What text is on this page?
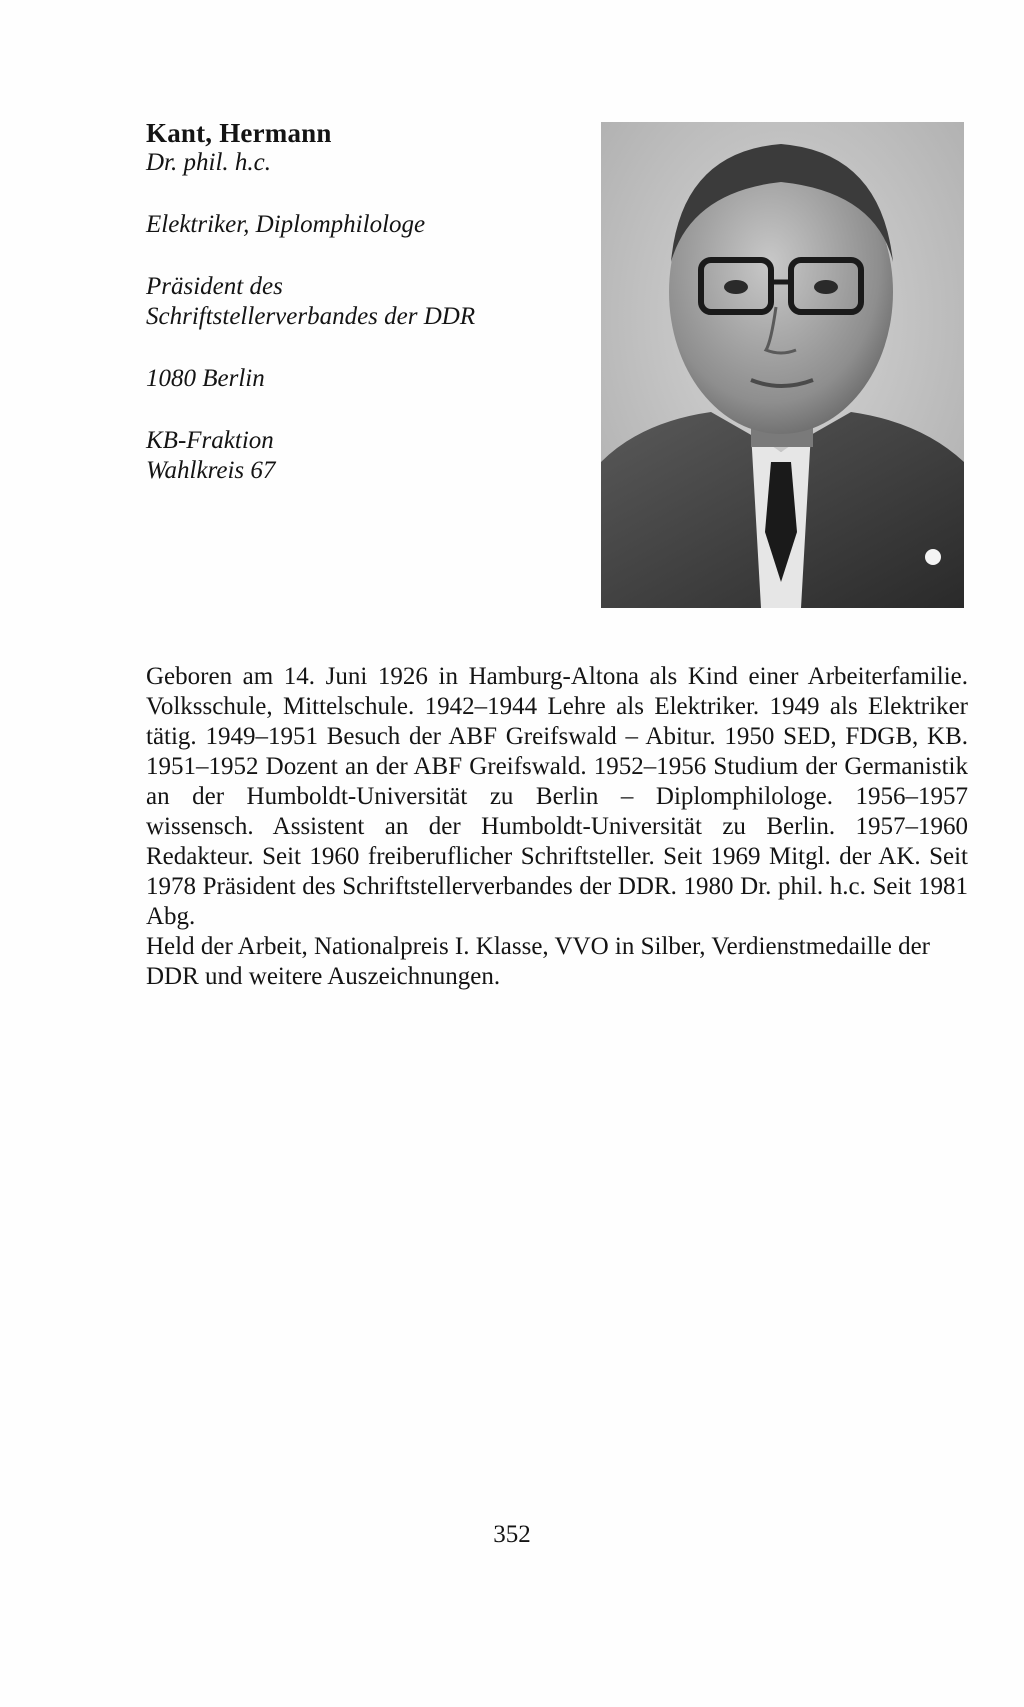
Kant, Hermann
Dr. phil. h.c.
Elektriker, Diplomphilologe
Präsident des
Schriftstellerverbandes der DDR
1080 Berlin
KB-Fraktion
Wahlkreis 67

Geboren am 14. Juni 1926 in Hamburg-Altona als Kind einer Arbeiterfamilie. Volksschule, Mittelschule. 1942–1944 Lehre als Elektriker. 1949 als Elektriker tätig. 1949–1951 Besuch der ABF Greifswald – Abitur. 1950 SED, FDGB, KB. 1951–1952 Dozent an der ABF Greifswald. 1952–1956 Studium der Germanistik an der Humboldt-Universität zu Berlin – Diplomphilologe. 1956–1957 wissensch. Assistent an der Humboldt-Universität zu Berlin. 1957–1960 Redakteur. Seit 1960 freiberuflicher Schriftsteller. Seit 1969 Mitgl. der AK. Seit 1978 Präsident des Schriftstellerverbandes der DDR. 1980 Dr. phil. h.c. Seit 1981 Abg.

Held der Arbeit, Nationalpreis I. Klasse, VVO in Silber, Verdienstmedaille der DDR und weitere Auszeichnungen.

352
